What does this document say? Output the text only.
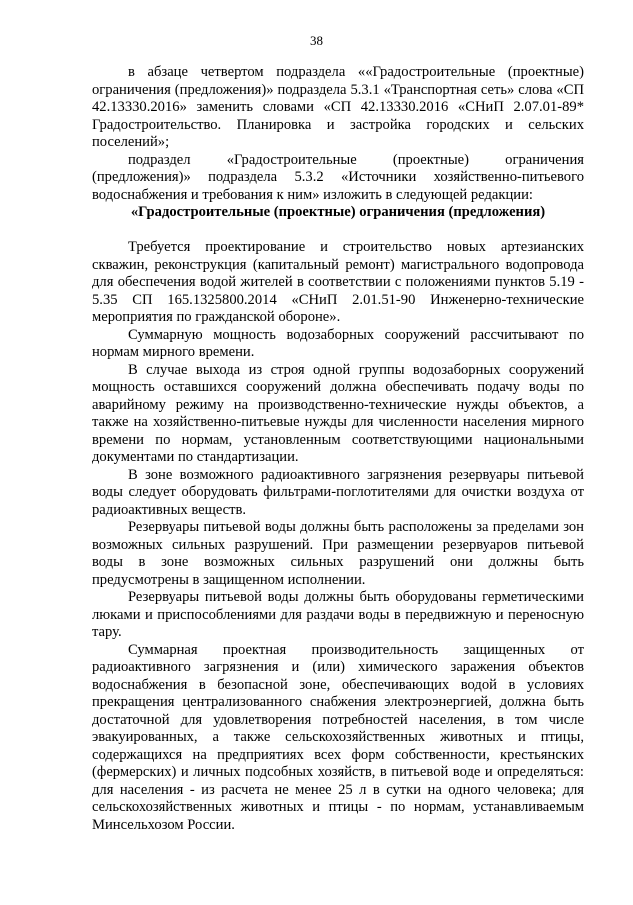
38

в абзаце четвертом подраздела ««Градостроительные (проектные) ограничения (предложения)» подраздела 5.3.1 «Транспортная сеть» слова «СП 42.13330.2016» заменить словами «СП 42.13330.2016 «СНиП 2.07.01-89* Градостроительство. Планировка и застройка городских и сельских поселений»;

подраздел «Градостроительные (проектные) ограничения (предложения)» подраздела 5.3.2 «Источники хозяйственно-питьевого водоснабжения и требования к ним» изложить в следующей редакции:

«Градостроительные (проектные) ограничения (предложения)

Требуется проектирование и строительство новых артезианских скважин, реконструкция (капитальный ремонт) магистрального водопровода для обеспечения водой жителей в соответствии с положениями пунктов 5.19 - 5.35 СП 165.1325800.2014 «СНиП 2.01.51-90 Инженерно-технические мероприятия по гражданской обороне».

Суммарную мощность водозаборных сооружений рассчитывают по нормам мирного времени.

В случае выхода из строя одной группы водозаборных сооружений мощность оставшихся сооружений должна обеспечивать подачу воды по аварийному режиму на производственно-технические нужды объектов, а также на хозяйственно-питьевые нужды для численности населения мирного времени по нормам, установленным соответствующими национальными документами по стандартизации.

В зоне возможного радиоактивного загрязнения резервуары питьевой воды следует оборудовать фильтрами-поглотителями для очистки воздуха от радиоактивных веществ.

Резервуары питьевой воды должны быть расположены за пределами зон возможных сильных разрушений. При размещении резервуаров питьевой воды в зоне возможных сильных разрушений они должны быть предусмотрены в защищенном исполнении.

Резервуары питьевой воды должны быть оборудованы герметическими люками и приспособлениями для раздачи воды в передвижную и переносную тару.

Суммарная проектная производительность защищенных от радиоактивного загрязнения и (или) химического заражения объектов водоснабжения в безопасной зоне, обеспечивающих водой в условиях прекращения централизованного снабжения электроэнергией, должна быть достаточной для удовлетворения потребностей населения, в том числе эвакуированных, а также сельскохозяйственных животных и птицы, содержащихся на предприятиях всех форм собственности, крестьянских (фермерских) и личных подсобных хозяйств, в питьевой воде и определяться: для населения - из расчета не менее 25 л в сутки на одного человека; для сельскохозяйственных животных и птицы - по нормам, устанавливаемым Минсельхозом России.
